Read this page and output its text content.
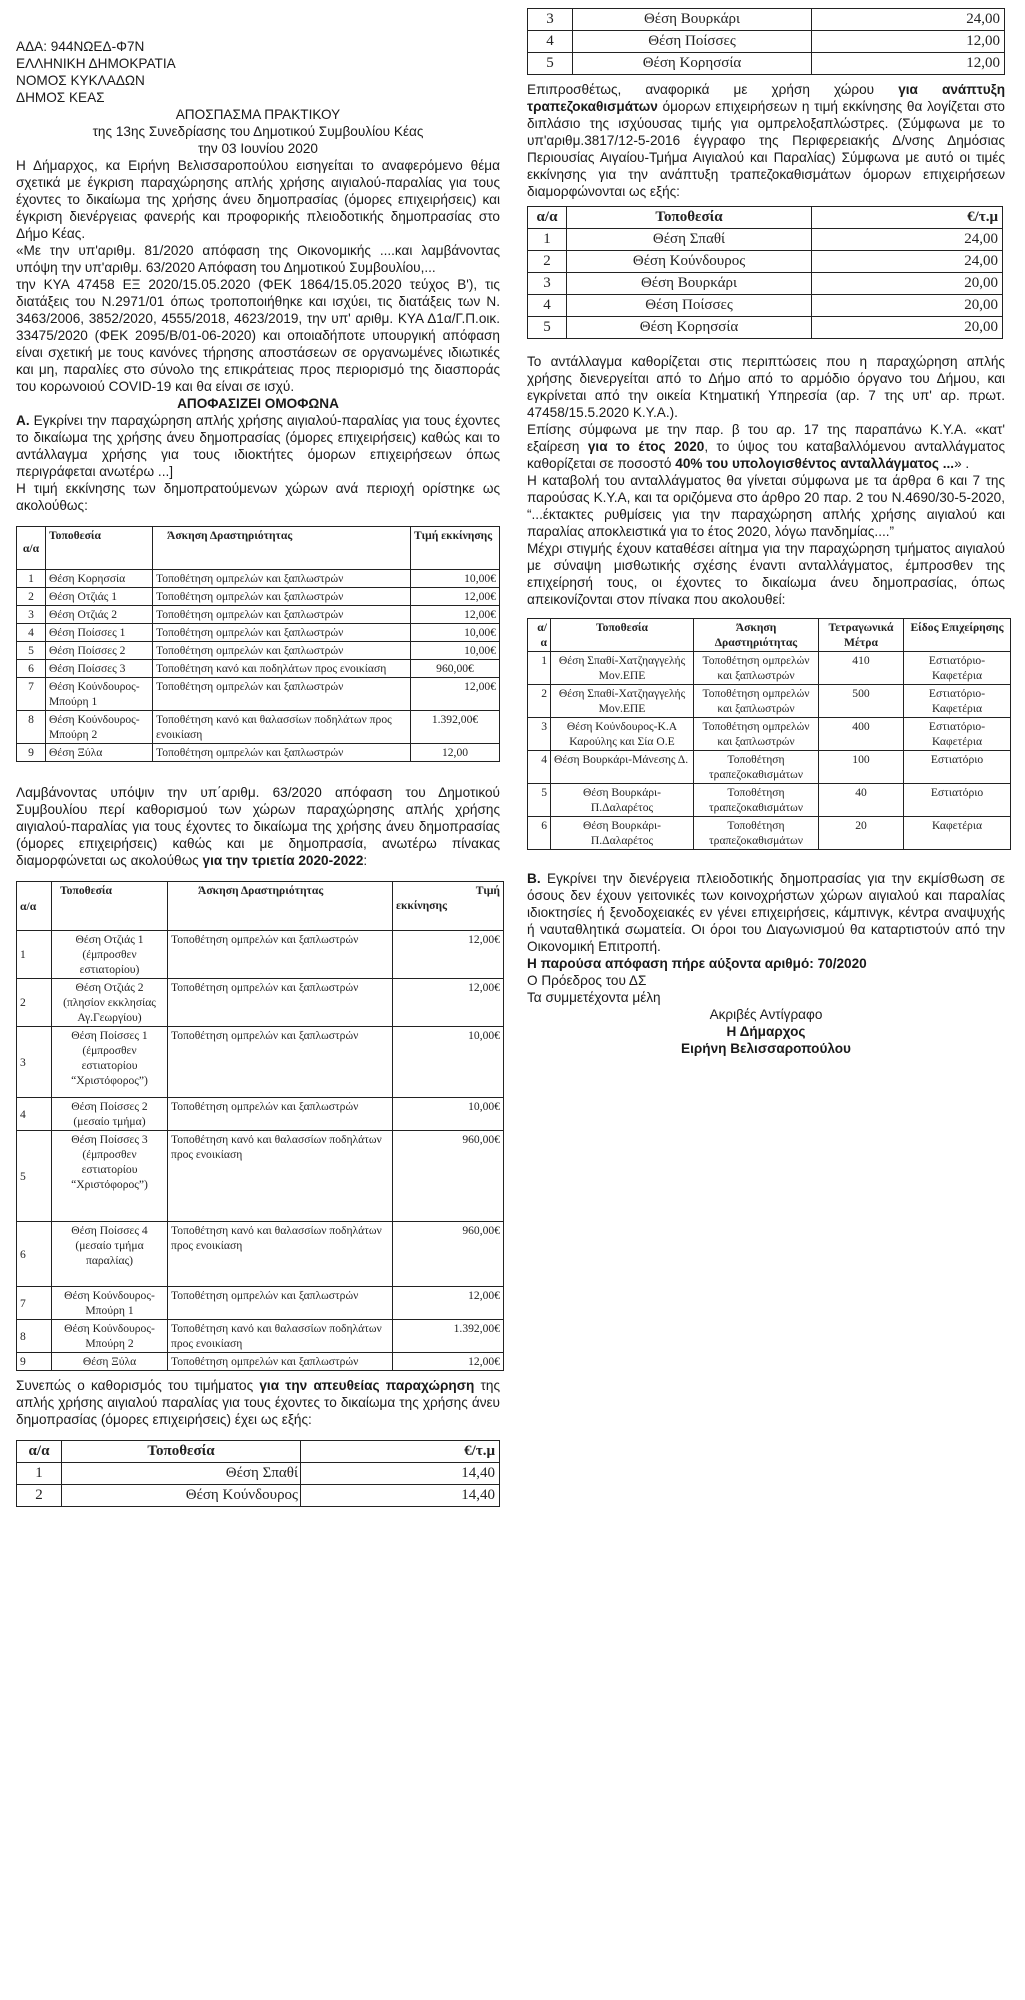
ΑΔΑ: 944ΝΩΕΔ-Φ7Ν

ΕΛΛΗΝΙΚΗ ΔΗΜΟΚΡΑΤΙΑ

ΝΟΜΟΣ ΚΥΚΛΑΔΩΝ

ΔΗΜΟΣ ΚΕΑΣ

ΑΠΟΣΠΑΣΜΑ ΠΡΑΚΤΙΚΟΥ

της 13ης Συνεδρίασης του Δημοτικού Συμβουλίου Κέας

την 03 Ιουνίου 2020

Η Δήμαρχος, κα Ειρήνη Βελισσαροπούλου εισηγείται το αναφερόμενο θέμα σχετικά με έγκριση παραχώρησης απλής χρήσης αιγιαλού-παραλίας για τους έχοντες το δικαίωμα της χρήσης άνευ δημοπρασίας (όμορες επιχειρήσεις) και έγκριση διενέργειας φανερής και προφορικής πλειοδοτικής δημοπρασίας στο Δήμο Κέας.

«Με την υπ'αριθμ. 81/2020 απόφαση της Οικονομικής ....και λαμβάνοντας υπόψη την υπ'αριθμ. 63/2020 Απόφαση του Δημοτικού Συμβουλίου,...

την ΚΥΑ 47458 ΕΞ 2020/15.05.2020 (ΦΕΚ 1864/15.05.2020 τεύχος Β'), τις διατάξεις του Ν.2971/01 όπως τροποποιήθηκε και ισχύει, τις διατάξεις των Ν. 3463/2006, 3852/2020, 4555/2018, 4623/2019, την υπ' αριθμ. ΚΥΑ Δ1α/Γ.Π.οικ. 33475/2020 (ΦΕΚ 2095/Β/01-06-2020) και οποιαδήποτε υπουργική απόφαση είναι σχετική με τους κανόνες τήρησης αποστάσεων σε οργανωμένες ιδιωτικές και μη, παραλίες στο σύνολο της επικράτειας προς περιορισμό της διασποράς του κορωνοιού COVID-19 και θα είναι σε ισχύ.

ΑΠΟΦΑΣΙΖΕΙ ΟΜΟΦΩΝΑ

Α. Εγκρίνει την παραχώρηση απλής χρήσης αιγιαλού-παραλίας για τους έχοντες το δικαίωμα της χρήσης άνευ δημοπρασίας (όμορες επιχειρήσεις) καθώς και το αντάλλαγμα χρήσης για τους ιδιοκτήτες όμορων επιχειρήσεων όπως περιγράφεται ανωτέρω ...]

Η τιμή εκκίνησης των δημοπρατούμενων χώρων ανά περιοχή ορίστηκε ως ακολούθως:

α/α	Τοποθεσία	Άσκηση Δραστηριότητας	Τιμή εκκίνησης
1	Θέση Κορησσία	Τοποθέτηση ομπρελών και ξαπλωστρών	10,00€
2	Θέση Οτζιάς 1	Τοποθέτηση ομπρελών και ξαπλωστρών	12,00€
3	Θέση Οτζιάς 2	Τοποθέτηση ομπρελών και ξαπλωστρών	12,00€
4	Θέση Ποίσσες 1	Τοποθέτηση ομπρελών και ξαπλωστρών	10,00€
5	Θέση Ποίσσες 2	Τοποθέτηση ομπρελών και ξαπλωστρών	10,00€
6	Θέση Ποίσσες 3	Τοποθέτηση κανό και ποδηλάτων προς ενοικίαση	960,00€
7	Θέση Κούνδουρος-Μπούρη 1	Τοποθέτηση ομπρελών και ξαπλωστρών	12,00€
8	Θέση Κούνδουρος-Μπούρη 2	Τοποθέτηση κανό και θαλασσίων ποδηλάτων προς ενοικίαση	1.392,00€
9	Θέση Ξύλα	Τοποθέτηση ομπρελών και ξαπλωστρών	12,00

Λαμβάνοντας υπόψιν την υπ΄αριθμ. 63/2020 απόφαση του Δημοτικού Συμβουλίου περί καθορισμού των χώρων παραχώρησης απλής χρήσης αιγιαλού-παραλίας για τους έχοντες το δικαίωμα της χρήσης άνευ δημοπρασίας (όμορες επιχειρήσεις) καθώς και με δημοπρασία, ανωτέρω πίνακας διαμορφώνεται ως ακολούθως για την τριετία 2020-2022:

α/α	Τοποθεσία	Άσκηση Δραστηριότητας	Τιμή
εκκίνησης

1	Θέση Οτζιάς 1 (έμπροσθεν εστιατορίου)	Τοποθέτηση ομπρελών και ξαπλωστρών	12,00€
2	Θέση Οτζιάς 2 (πλησίον εκκλησίας Αγ.Γεωργίου)	Τοποθέτηση ομπρελών και ξαπλωστρών	12,00€
3	Θέση Ποίσσες 1 (έμπροσθεν εστιατορίου “Χριστόφορος”)	Τοποθέτηση ομπρελών και ξαπλωστρών	10,00€
4	Θέση Ποίσσες 2 (μεσαίο τμήμα)	Τοποθέτηση ομπρελών και ξαπλωστρών	10,00€
5	Θέση Ποίσσες 3 (έμπροσθεν εστιατορίου “Χριστόφορος”)	Τοποθέτηση κανό και θαλασσίων ποδηλάτων προς ενοικίαση	960,00€
6	Θέση Ποίσσες 4 (μεσαίο τμήμα παραλίας)	Τοποθέτηση κανό και θαλασσίων ποδηλάτων προς ενοικίαση	960,00€
7	Θέση Κούνδουρος-Μπούρη 1	Τοποθέτηση ομπρελών και ξαπλωστρών	12,00€
8	Θέση Κούνδουρος-Μπούρη 2	Τοποθέτηση κανό και θαλασσίων ποδηλάτων προς ενοικίαση	1.392,00€
9	Θέση Ξύλα	Τοποθέτηση ομπρελών και ξαπλωστρών	12,00€

Συνεπώς ο καθορισμός του τιμήματος για την απευθείας παραχώρηση της απλής χρήσης αιγιαλού παραλίας για τους έχοντες το δικαίωμα της χρήσης άνευ δημοπρασίας (όμορες επιχειρήσεις) έχει ως εξής:

α/α	Τοποθεσία	€/τ.μ
1	Θέση Σπαθί	14,40
2	Θέση Κούνδουρος	14,40
3	Θέση Βουρκάρι	24,00
4	Θέση Ποίσσες	12,00
5	Θέση Κορησσία	12,00

Επιπροσθέτως, αναφορικά με χρήση χώρου για ανάπτυξη τραπεζοκαθισμάτων όμορων επιχειρήσεων η τιμή εκκίνησης θα λογίζεται στο διπλάσιο της ισχύουσας τιμής για ομπρελοξαπλώστρες. (Σύμφωνα με το υπ'αριθμ.3817/12-5-2016 έγγραφο της Περιφερειακής Δ/νσης Δημόσιας Περιουσίας Αιγαίου-Τμήμα Αιγιαλού και Παραλίας) Σύμφωνα με αυτό οι τιμές εκκίνησης για την ανάπτυξη τραπεζοκαθισμάτων όμορων επιχειρήσεων διαμορφώνονται ως εξής:

α/α	Τοποθεσία	€/τ.μ
1	Θέση Σπαθί	24,00
2	Θέση Κούνδουρος	24,00
3	Θέση Βουρκάρι	20,00
4	Θέση Ποίσσες	20,00
5	Θέση Κορησσία	20,00

Το αντάλλαγμα καθορίζεται στις περιπτώσεις που η παραχώρηση απλής χρήσης διενεργείται από το Δήμο από το αρμόδιο όργανο του Δήμου, και εγκρίνεται από την οικεία Κτηματική Υπηρεσία (αρ. 7 της υπ' αρ. πρωτ. 47458/15.5.2020 Κ.Υ.Α.).

Επίσης σύμφωνα με την παρ. β του αρ. 17 της παραπάνω Κ.Υ.Α. «κατ' εξαίρεση για το έτος 2020, το ύψος του καταβαλλόμενου ανταλλάγματος καθορίζεται σε ποσοστό 40% του υπολογισθέντος ανταλλάγματος ...» .

Η καταβολή του ανταλλάγματος θα γίνεται σύμφωνα με τα άρθρα 6 και 7 της παρούσας Κ.Υ.Α, και τα οριζόμενα στο άρθρο 20 παρ. 2 του Ν.4690/30-5-2020, “...έκτακτες ρυθμίσεις για την παραχώρηση απλής χρήσης αιγιαλού και παραλίας αποκλειστικά για το έτος 2020, λόγω πανδημίας....”

Μέχρι στιγμής έχουν καταθέσει αίτημα για την παραχώρηση τμήματος αιγιαλού με σύναψη μισθωτικής σχέσης έναντι ανταλλάγματος, έμπροσθεν της επιχείρησή τους, οι έχοντες το δικαίωμα άνευ δημοπρασίας, όπως απεικονίζονται στον πίνακα που ακολουθεί:

α/α	Τοποθεσία	Άσκηση Δραστηριότητας	Τετραγωνικά Μέτρα	Είδος Επιχείρησης
1	Θέση Σπαθί-Χατζηαγγελής Μον.ΕΠΕ	Τοποθέτηση ομπρελών και ξαπλωστρών	410	Εστιατόριο-Καφετέρια
2	Θέση Σπαθί-Χατζηαγγελής Μον.ΕΠΕ	Τοποθέτηση ομπρελών και ξαπλωστρών	500	Εστιατόριο-Καφετέρια
3	Θέση Κούνδουρος-Κ.Α Καρούλης και Σία Ο.Ε	Τοποθέτηση ομπρελών και ξαπλωστρών	400	Εστιατόριο-Καφετέρια
4	Θέση Βουρκάρι-Μάνεσης Δ.	Τοποθέτηση τραπεζοκαθισμάτων	100	Εστιατόριο
5	Θέση Βουρκάρι-Π.Δαλαρέτος	Τοποθέτηση τραπεζοκαθισμάτων	40	Εστιατόριο
6	Θέση Βουρκάρι-Π.Δαλαρέτος	Τοποθέτηση τραπεζοκαθισμάτων	20	Καφετέρια

Β. Εγκρίνει την διενέργεια πλειοδοτικής δημοπρασίας για την εκμίσθωση σε όσους δεν έχουν γειτονικές των κοινοχρήστων χώρων αιγιαλού και παραλίας ιδιοκτησίες ή ξενοδοχειακές εν γένει επιχειρήσεις, κάμπινγκ, κέντρα αναψυχής ή ναυταθλητικά σωματεία. Οι όροι του Διαγωνισμού θα καταρτιστούν από την Οικονομική Επιτροπή.

Η παρούσα απόφαση πήρε αύξοντα αριθμό: 70/2020

Ο Πρόεδρος του ΔΣ

Τα συμμετέχοντα μέλη

Ακριβές Αντίγραφο

Η Δήμαρχος

Ειρήνη Βελισσαροπούλου
